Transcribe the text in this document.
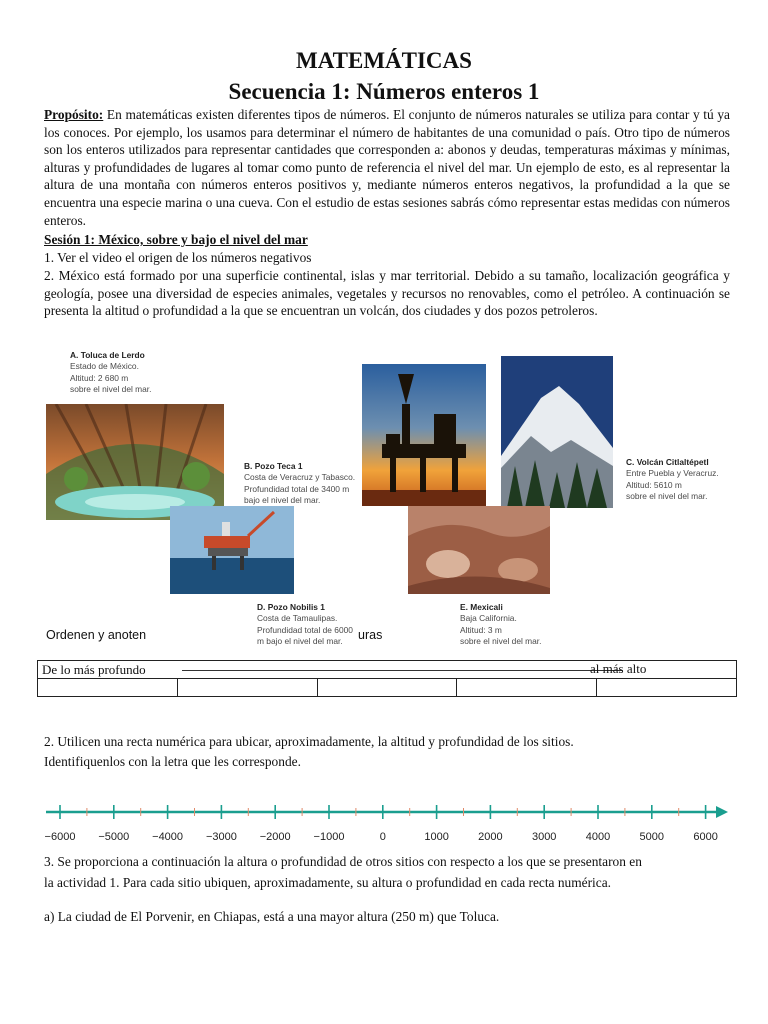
MATEMÁTICAS
Secuencia 1: Números enteros 1
Propósito: En matemáticas existen diferentes tipos de números. El conjunto de números naturales se utiliza para contar y tú ya los conoces. Por ejemplo, los usamos para determinar el número de habitantes de una comunidad o país. Otro tipo de números son los enteros utilizados para representar cantidades que corresponden a: abonos y deudas, temperaturas máximas y mínimas, alturas y profundidades de lugares al tomar como punto de referencia el nivel del mar. Un ejemplo de esto, es al representar la altura de una montaña con números enteros positivos y, mediante números enteros negativos, la profundidad a la que se encuentra una especie marina o una cueva. Con el estudio de estas sesiones sabrás cómo representar estas medidas con números enteros.
Sesión 1: México, sobre y bajo el nivel del mar
1. Ver el video el origen de los números negativos
2. México está formado por una superficie continental, islas y mar territorial. Debido a su tamaño, localización geográfica y geología, posee una diversidad de especies animales, vegetales y recursos no renovables, como el petróleo. A continuación se presenta la altitud o profundidad a la que se encuentran un volcán, dos ciudades y dos pozos petroleros.
A. Toluca de Lerdo
Estado de México.
Altitud: 2 680 m
sobre el nivel del mar.
B. Pozo Teca 1
Costa de Veracruz y Tabasco.
Profundidad total de 3400 m
bajo el nivel del mar.
C. Volcán Citlaltépetl
Entre Puebla y Veracruz.
Altitud: 5610 m
sobre el nivel del mar.
D. Pozo Nobilis 1
Costa de Tamaulipas.
Profundidad total de 6000
m bajo el nivel del mar.
E. Mexicali
Baja California.
Altitud: 3 m
sobre el nivel del mar.
Ordenen y anoten	uras
De lo más profundo	al más alto

2. Utilicen una recta numérica para ubicar, aproximadamente, la altitud y profundidad de los sitios.
Identifiquenlos con la letra que les corresponde.
−6000 −5000 −4000 −3000 −2000 −1000	0	1000	2000	3000	4000	5000	6000
3. Se proporciona a continuación la altura o profundidad de otros sitios con respecto a los que se presentaron en
la actividad 1. Para cada sitio ubiquen, aproximadamente, su altura o profundidad en cada recta numérica.
a) La ciudad de El Porvenir, en Chiapas, está a una mayor altura (250 m) que Toluca.
